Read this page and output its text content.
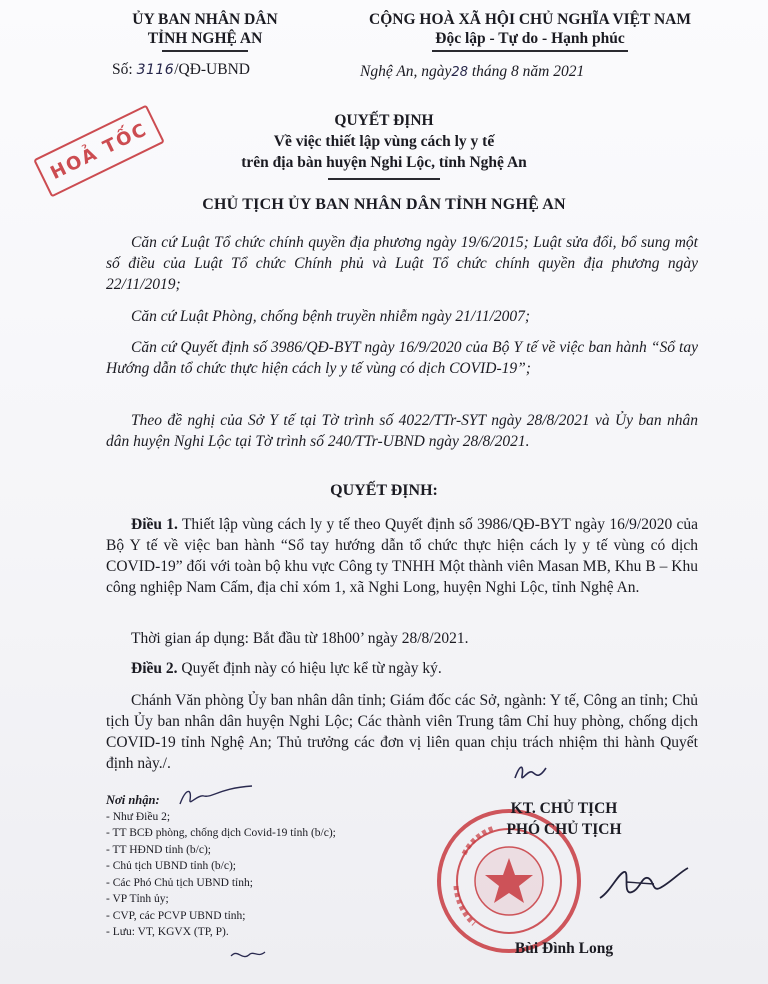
ỦY BAN NHÂN DÂN
TỈNH NGHỆ AN
CỘNG HOÀ XÃ HỘI CHỦ NGHĨA VIỆT NAM
Độc lập - Tự do - Hạnh phúc
Số: 3116/QĐ-UBND	Nghệ An, ngày28 tháng 8 năm 2021
HOẢ TỐC	QUYẾT ĐỊNH
Về việc thiết lập vùng cách ly y tế
trên địa bàn huyện Nghi Lộc, tỉnh Nghệ An
CHỦ TỊCH ỦY BAN NHÂN DÂN TỈNH NGHỆ AN
Căn cứ Luật Tổ chức chính quyền địa phương ngày 19/6/2015; Luật sửa đổi, bổ sung một số điều của Luật Tổ chức Chính phủ và Luật Tổ chức chính quyền địa phương ngày 22/11/2019;
Căn cứ Luật Phòng, chống bệnh truyền nhiễm ngày 21/11/2007;
Căn cứ Quyết định số 3986/QĐ-BYT ngày 16/9/2020 của Bộ Y tế về việc ban hành “Sổ tay Hướng dẫn tổ chức thực hiện cách ly y tế vùng có dịch COVID-19”;
Theo đề nghị của Sở Y tế tại Tờ trình số 4022/TTr-SYT ngày 28/8/2021 và Ủy ban nhân dân huyện Nghi Lộc tại Tờ trình số 240/TTr-UBND ngày 28/8/2021.
QUYẾT ĐỊNH:
Điều 1. Thiết lập vùng cách ly y tế theo Quyết định số 3986/QĐ-BYT ngày 16/9/2020 của Bộ Y tế về việc ban hành “Sổ tay hướng dẫn tổ chức thực hiện cách ly y tế vùng có dịch COVID-19” đối với toàn bộ khu vực Công ty TNHH Một thành viên Masan MB, Khu B – Khu công nghiệp Nam Cấm, địa chỉ xóm 1, xã Nghi Long, huyện Nghi Lộc, tỉnh Nghệ An.
Thời gian áp dụng: Bắt đầu từ 18h00’ ngày 28/8/2021.
Điều 2. Quyết định này có hiệu lực kể từ ngày ký.
Chánh Văn phòng Ủy ban nhân dân tỉnh; Giám đốc các Sở, ngành: Y tế, Công an tỉnh; Chủ tịch Ủy ban nhân dân huyện Nghi Lộc; Các thành viên Trung tâm Chỉ huy phòng, chống dịch COVID-19 tỉnh Nghệ An; Thủ trưởng các đơn vị liên quan chịu trách nhiệm thi hành Quyết định này./.
Nơi nhận:
- Như Điều 2;
- TT BCĐ phòng, chống dịch Covid-19 tỉnh (b/c);
- TT HĐND tỉnh (b/c);
- Chủ tịch UBND tỉnh (b/c);
- Các Phó Chủ tịch UBND tỉnh;
- VP Tỉnh ủy;
- CVP, các PCVP UBND tỉnh;
- Lưu: VT, KGVX (TP, P).
KT. CHỦ TỊCH
PHÓ CHỦ TỊCH
Bùi Đình Long
